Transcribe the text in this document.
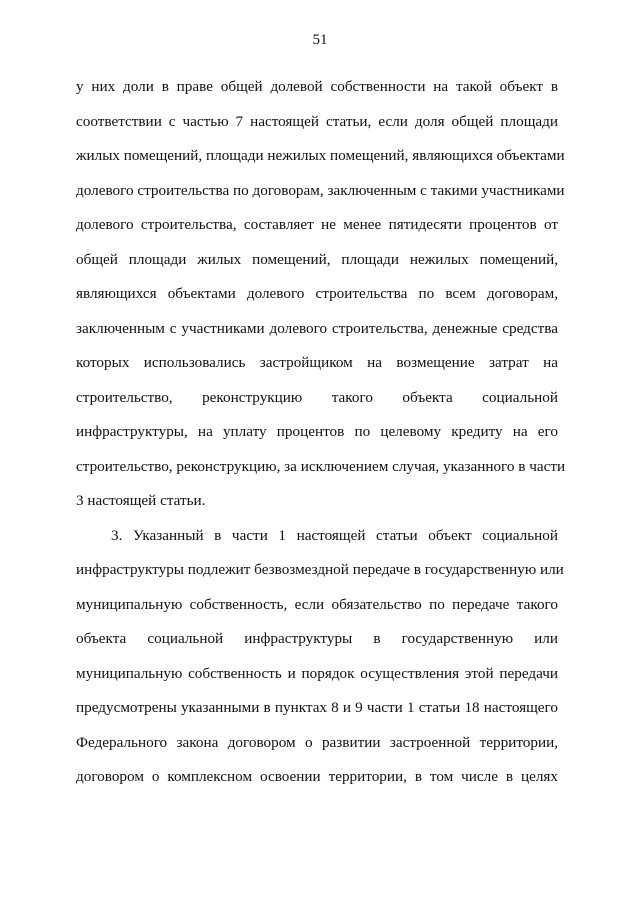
51
у них доли в праве общей долевой собственности на такой объект в
соответствии с частью 7 настоящей статьи, если доля общей площади
жилых помещений, площади нежилых помещений, являющихся объектами
долевого строительства по договорам, заключенным с такими участниками
долевого строительства, составляет не менее пятидесяти процентов от
общей площади жилых помещений, площади нежилых помещений,
являющихся объектами долевого строительства по всем договорам,
заключенным с участниками долевого строительства, денежные средства
которых использовались застройщиком на возмещение затрат на
строительство, реконструкцию такого объекта социальной
инфраструктуры, на уплату процентов по целевому кредиту на его
строительство, реконструкцию, за исключением случая, указанного в части
3 настоящей статьи.
3. Указанный в части 1 настоящей статьи объект социальной
инфраструктуры подлежит безвозмездной передаче в государственную или
муниципальную собственность, если обязательство по передаче такого
объекта социальной инфраструктуры в государственную или
муниципальную собственность и порядок осуществления этой передачи
предусмотрены указанными в пунктах 8 и 9 части 1 статьи 18 настоящего
Федерального закона договором о развитии застроенной территории,
договором о комплексном освоении территории, в том числе в целях
